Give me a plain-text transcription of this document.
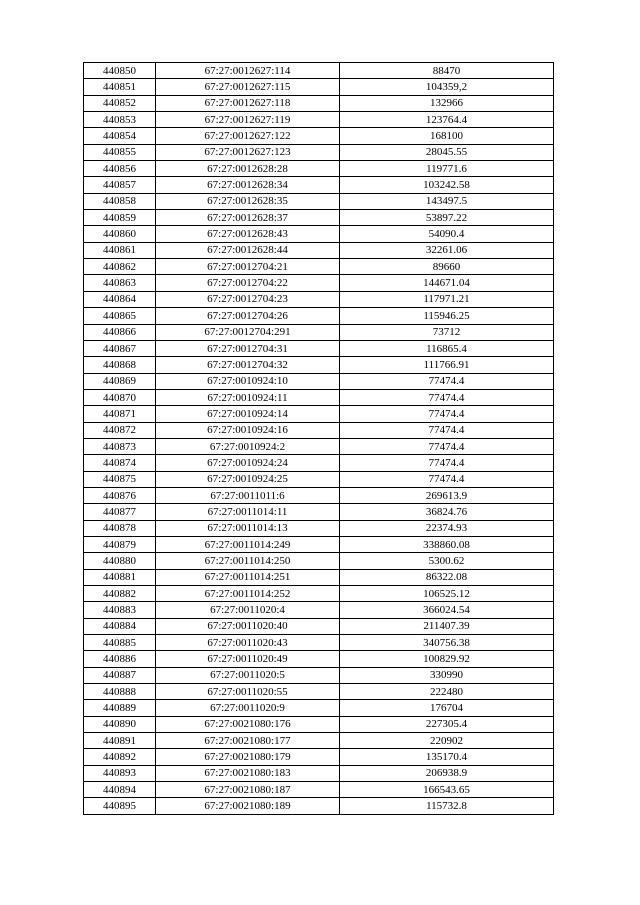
440850	67:27:0012627:114	88470
440851	67:27:0012627:115	104359,2
440852	67:27:0012627:118	132966
440853	67:27:0012627:119	123764.4
440854	67:27:0012627:122	168100
440855	67:27:0012627:123	28045.55
440856	67:27:0012628:28	119771.6
440857	67:27:0012628:34	103242.58
440858	67:27:0012628:35	143497.5
440859	67:27:0012628:37	53897.22
440860	67:27:0012628:43	54090.4
440861	67:27:0012628:44	32261.06
440862	67:27:0012704:21	89660
440863	67:27:0012704:22	144671.04
440864	67:27:0012704:23	117971.21
440865	67:27:0012704:26	115946.25
440866	67:27:0012704:291	73712
440867	67:27:0012704:31	116865.4
440868	67:27:0012704:32	111766.91
440869	67:27:0010924:10	77474.4
440870	67:27:0010924:11	77474.4
440871	67:27:0010924:14	77474.4
440872	67:27:0010924:16	77474.4
440873	67:27:0010924:2	77474.4
440874	67:27:0010924:24	77474.4
440875	67:27:0010924:25	77474.4
440876	67:27:0011011:6	269613.9
440877	67:27:0011014:11	36824.76
440878	67:27:0011014:13	22374.93
440879	67:27:0011014:249	338860.08
440880	67:27:0011014:250	5300.62
440881	67:27:0011014:251	86322.08
440882	67:27:0011014:252	106525.12
440883	67:27:0011020:4	366024.54
440884	67:27:0011020:40	211407.39
440885	67:27:0011020:43	340756.38
440886	67:27:0011020:49	100829.92
440887	67:27:0011020:5	330990
440888	67:27:0011020:55	222480
440889	67:27:0011020:9	176704
440890	67:27:0021080:176	227305.4
440891	67:27:0021080:177	220902
440892	67:27:0021080:179	135170.4
440893	67:27:0021080:183	206938.9
440894	67:27:0021080:187	166543.65
440895	67:27:0021080:189	115732.8
